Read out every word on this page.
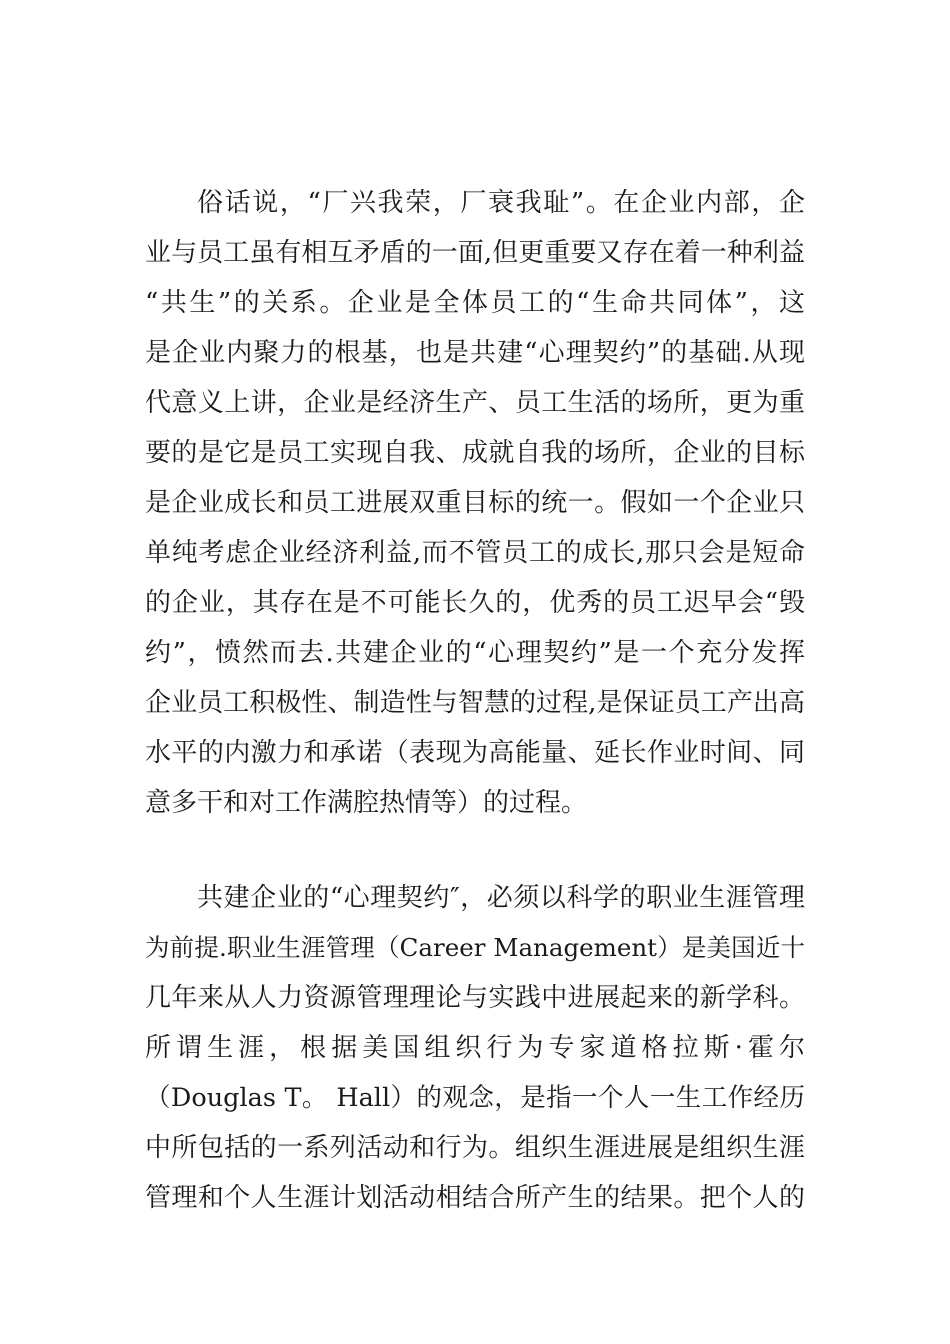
俗话说，“厂兴我荣，厂衰我耻”。在企业内部，企
业与员工虽有相互矛盾的一面,但更重要又存在着一种利益
“共生”的关系。企业是全体员工的“生命共同体”，这
是企业内聚力的根基，也是共建“心理契约”的基础.从现
代意义上讲，企业是经济生产、员工生活的场所，更为重
要的是它是员工实现自我、成就自我的场所，企业的目标
是企业成长和员工进展双重目标的统一。假如一个企业只
单纯考虑企业经济利益,而不管员工的成长,那只会是短命
的企业，其存在是不可能长久的，优秀的员工迟早会“毁
约”，愤然而去.共建企业的“心理契约”是一个充分发挥
企业员工积极性、制造性与智慧的过程,是保证员工产出高
水平的内激力和承诺（表现为高能量、延长作业时间、同
意多干和对工作满腔热情等）的过程。
共建企业的“心理契约″，必须以科学的职业生涯管理
为前提.职业生涯管理（Career Management）是美国近十
几年来从人力资源管理理论与实践中进展起来的新学科。
所谓生涯，根据美国组织行为专家道格拉斯·霍尔
（Douglas T。 Hall）的观念，是指一个人一生工作经历
中所包括的一系列活动和行为。组织生涯进展是组织生涯
管理和个人生涯计划活动相结合所产生的结果。把个人的
